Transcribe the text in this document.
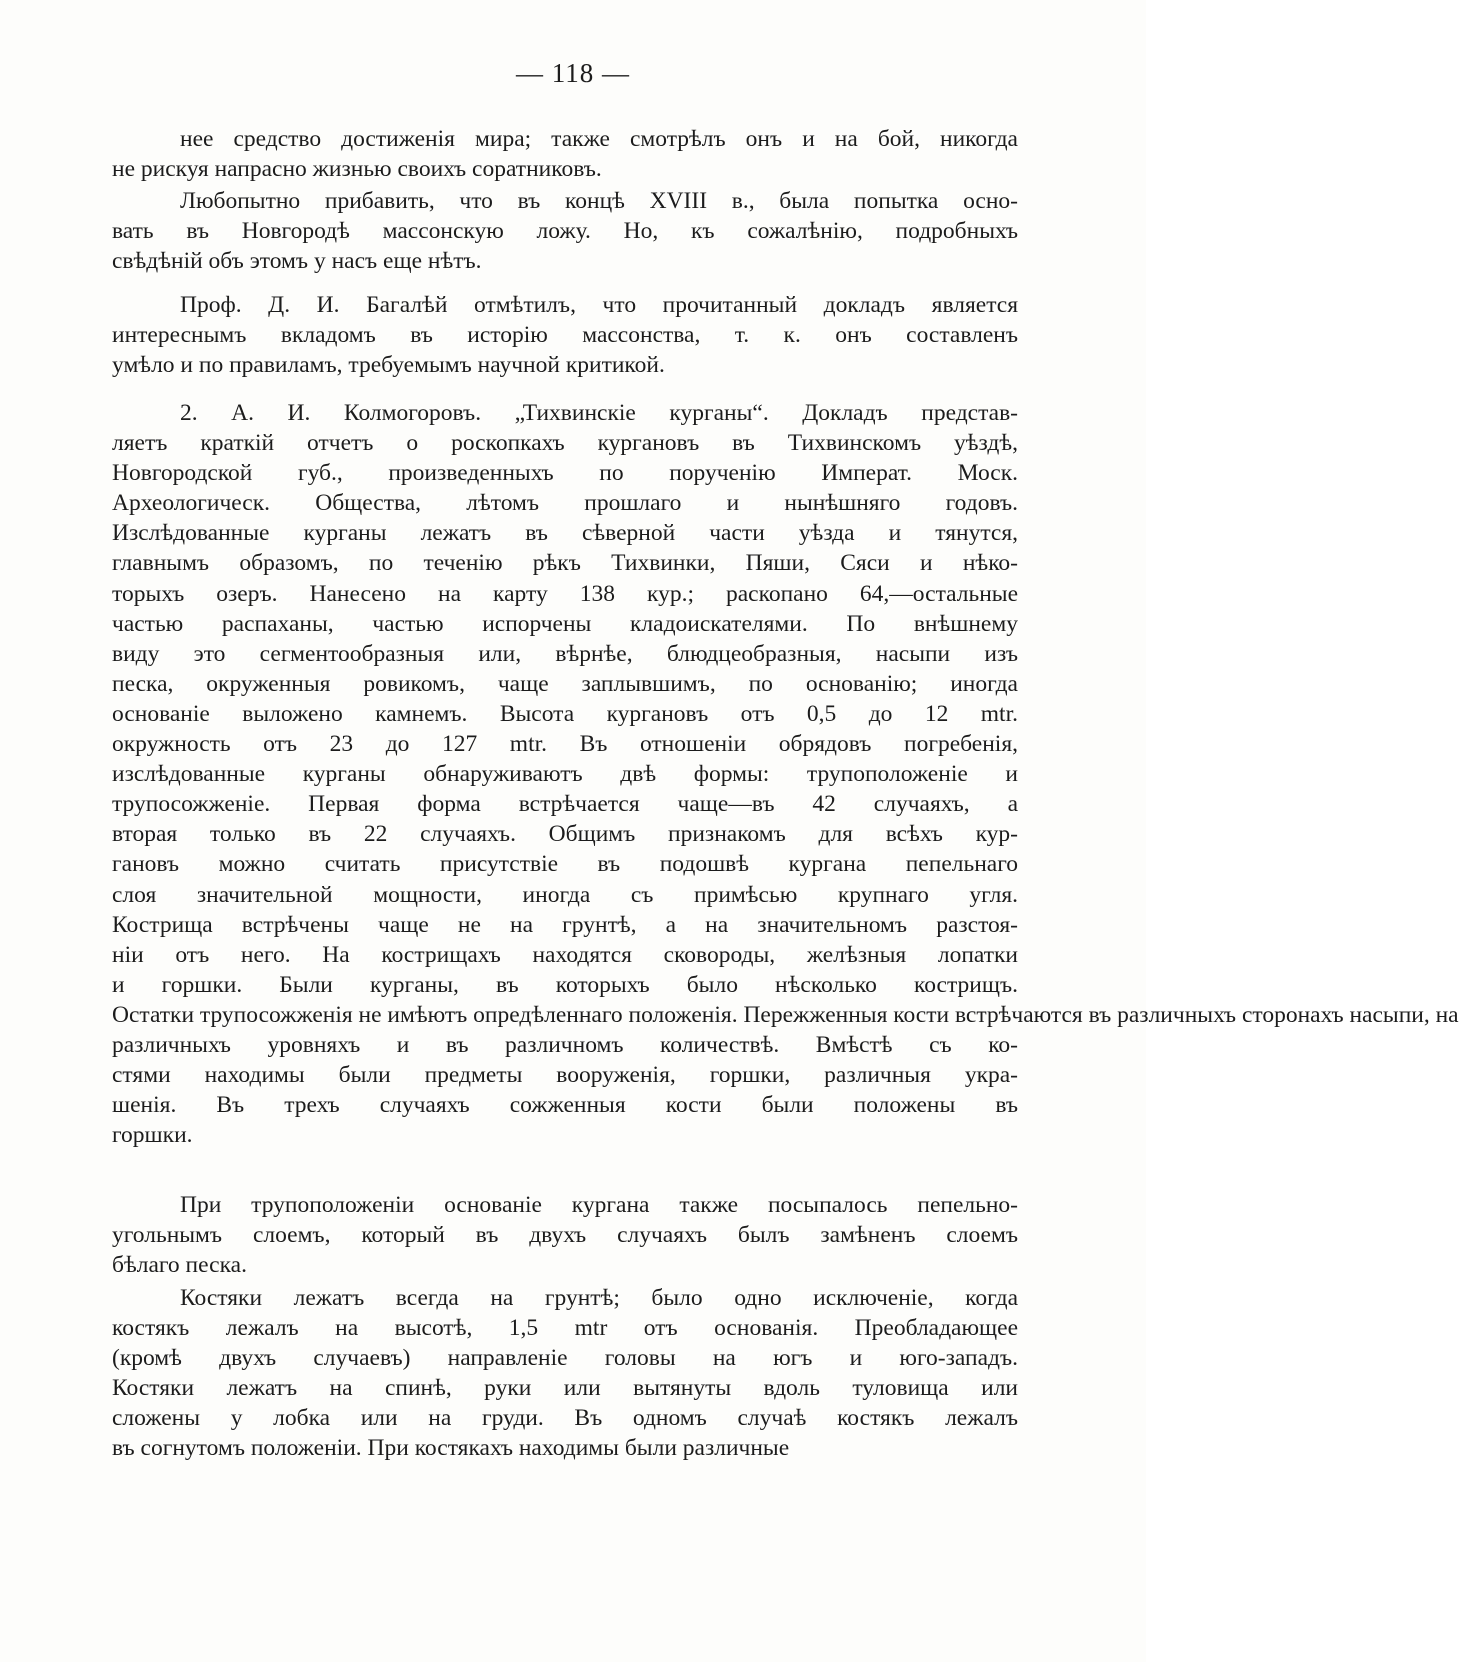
— 118 —
нее средство достиженія мира; также смотрѣлъ онъ и на бой, никогда
не рискуя напрасно жизнью своихъ соратниковъ.
Любопытно прибавить, что въ концѣ XVIII в., была попытка осно-
вать въ Новгородѣ массонскую ложу. Но, къ сожалѣнію, подробныхъ
свѣдѣній объ этомъ у насъ еще нѣтъ.
Проф. Д. И. Багалѣй отмѣтилъ, что прочитанный докладъ является
интереснымъ вкладомъ въ исторію массонства, т. к. онъ составленъ
умѣло и по правиламъ, требуемымъ научной критикой.
2. А. И. Колмогоровъ. „Тихвинскіе курганы“. Докладъ представ-
ляетъ краткій отчетъ о роскопкахъ кургановъ въ Тихвинскомъ уѣздѣ,
Новгородской губ., произведенныхъ по порученію Императ. Моск.
Археологическ. Общества, лѣтомъ прошлаго и нынѣшняго годовъ.
Изслѣдованные курганы лежатъ въ сѣверной части уѣзда и тянутся,
главнымъ образомъ, по теченію рѣкъ Тихвинки, Пяши, Сяси и нѣко-
торыхъ озеръ. Нанесено на карту 138 кур.; раскопано 64,—остальные
частью распаханы, частью испорчены кладоискателями. По внѣшнему
виду это сегментообразныя или, вѣрнѣе, блюдцеобразныя, насыпи изъ
песка, окруженныя ровикомъ, чаще заплывшимъ, по основанію; иногда
основаніе выложено камнемъ. Высота кургановъ отъ 0,5 до 12 mtr.
окружность отъ 23 до 127 mtr. Въ отношеніи обрядовъ погребенія,
изслѣдованные курганы обнаруживаютъ двѣ формы: трупоположеніе и
трупосожженіе. Первая форма встрѣчается чаще—въ 42 случаяхъ, а
вторая только въ 22 случаяхъ. Общимъ признакомъ для всѣхъ кур-
гановъ можно считать присутствіе въ подошвѣ кургана пепельнаго
слоя значительной мощности, иногда съ примѣсью крупнаго угля.
Кострища встрѣчены чаще не на грунтѣ, а на значительномъ разстоя-
ніи отъ него. На кострищахъ находятся сковороды, желѣзныя лопатки
и горшки. Были курганы, въ которыхъ было нѣсколько кострищъ.
Остатки трупосожженія не имѣютъ опредѣленнаго положенія. Пережженныя кости встрѣчаются въ различныхъ сторонахъ насыпи, на
различныхъ уровняхъ и въ различномъ количествѣ. Вмѣстѣ съ ко-
стями находимы были предметы вооруженія, горшки, различныя укра-
шенія. Въ трехъ случаяхъ сожженныя кости были положены въ
горшки.
При трупоположеніи основаніе кургана также посыпалось пепельно-
угольнымъ слоемъ, который въ двухъ случаяхъ былъ замѣненъ слоемъ
бѣлаго песка.
Костяки лежатъ всегда на грунтѣ; было одно исключеніе, когда
костякъ лежалъ на высотѣ, 1,5 mtr отъ основанія. Преобладающее
(кромѣ двухъ случаевъ) направленіе головы на югъ и юго-западъ.
Костяки лежатъ на спинѣ, руки или вытянуты вдоль туловища или
сложены у лобка или на груди. Въ одномъ случаѣ костякъ лежалъ
въ согнутомъ положеніи. При костякахъ находимы были различные
